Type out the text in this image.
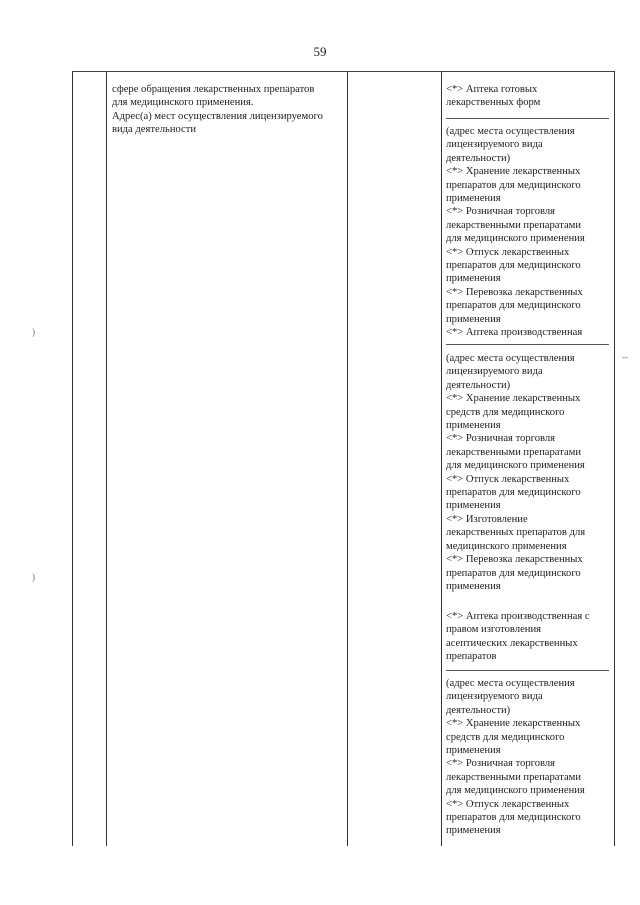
59
)
)
--
сфере обращения лекарственных препаратов
для медицинского применения.
Адрес(а) мест осуществления лицензируемого
вида деятельности
<*> Аптека готовых
лекарственных форм
(адрес места осуществления
лицензируемого вида
деятельности)
<*> Хранение лекарственных
препаратов для медицинского
применения
<*> Розничная торговля
лекарственными препаратами
для медицинского применения
<*> Отпуск лекарственных
препаратов для медицинского
применения
<*> Перевозка лекарственных
препаратов для медицинского
применения
<*> Аптека производственная
(адрес места осуществления
лицензируемого вида
деятельности)
<*> Хранение лекарственных
средств для медицинского
применения
<*> Розничная торговля
лекарственными препаратами
для медицинского применения
<*> Отпуск лекарственных
препаратов для медицинского
применения
<*> Изготовление
лекарственных препаратов для
медицинского применения
<*> Перевозка лекарственных
препаратов для медицинского
применения
<*> Аптека производственная с
правом изготовления
асептических лекарственных
препаратов
(адрес места осуществления
лицензируемого вида
деятельности)
<*> Хранение лекарственных
средств для медицинского
применения
<*> Розничная торговля
лекарственными препаратами
для медицинского применения
<*> Отпуск лекарственных
препаратов для медицинского
применения
